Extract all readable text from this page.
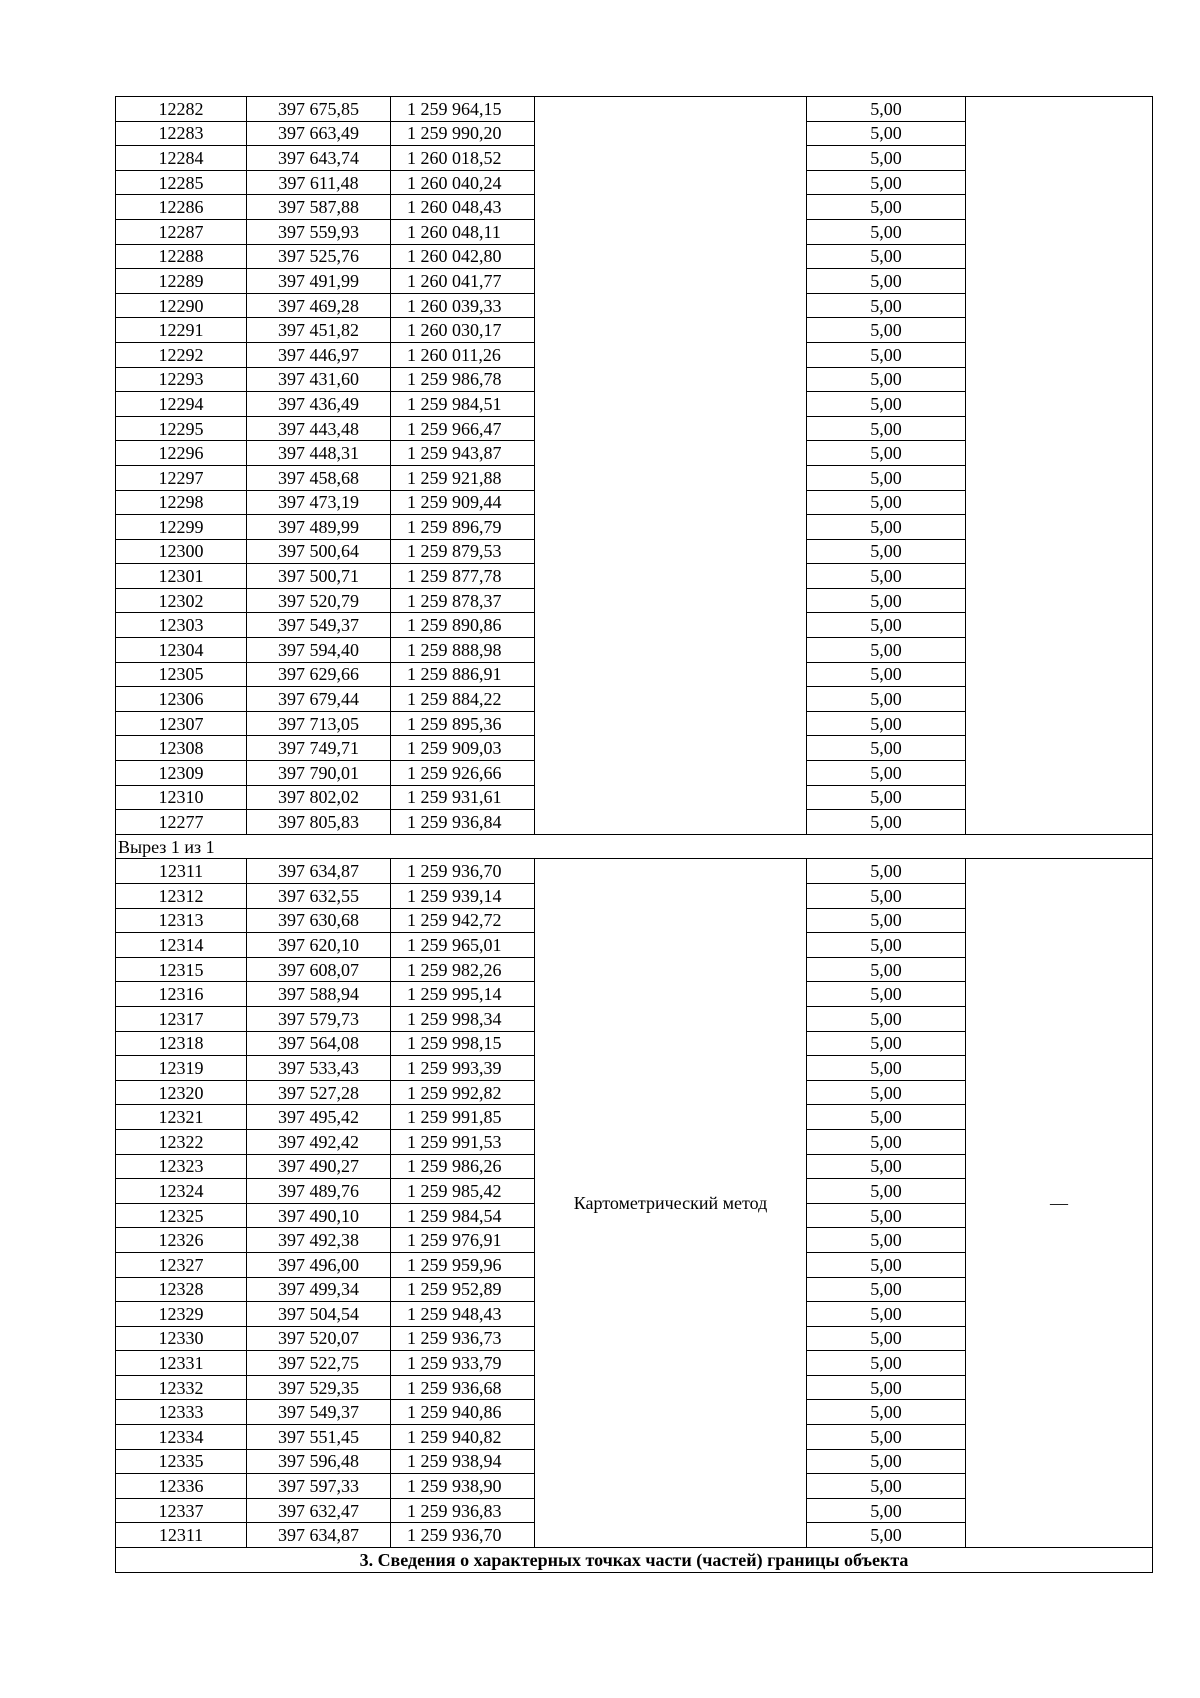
12282	397 675,85	1 259 964,15		5,00	
12283	397 663,49	1 259 990,20		5,00	
12284	397 643,74	1 260 018,52		5,00	
12285	397 611,48	1 260 040,24		5,00	
12286	397 587,88	1 260 048,43		5,00	
12287	397 559,93	1 260 048,11		5,00	
12288	397 525,76	1 260 042,80		5,00	
12289	397 491,99	1 260 041,77		5,00	
12290	397 469,28	1 260 039,33		5,00	
12291	397 451,82	1 260 030,17		5,00	
12292	397 446,97	1 260 011,26		5,00	
12293	397 431,60	1 259 986,78		5,00	
12294	397 436,49	1 259 984,51		5,00	
12295	397 443,48	1 259 966,47		5,00	
12296	397 448,31	1 259 943,87		5,00	
12297	397 458,68	1 259 921,88		5,00	
12298	397 473,19	1 259 909,44		5,00	
12299	397 489,99	1 259 896,79		5,00	
12300	397 500,64	1 259 879,53		5,00	
12301	397 500,71	1 259 877,78		5,00	
12302	397 520,79	1 259 878,37		5,00	
12303	397 549,37	1 259 890,86		5,00	
12304	397 594,40	1 259 888,98		5,00	
12305	397 629,66	1 259 886,91		5,00	
12306	397 679,44	1 259 884,22		5,00	
12307	397 713,05	1 259 895,36		5,00	
12308	397 749,71	1 259 909,03		5,00	
12309	397 790,01	1 259 926,66		5,00	
12310	397 802,02	1 259 931,61		5,00	
12277	397 805,83	1 259 936,84		5,00	
Вырез 1 из 1					
12311	397 634,87	1 259 936,70	Картометрический метод	5,00	—
12312	397 632,55	1 259 939,14		5,00	
12313	397 630,68	1 259 942,72		5,00	
12314	397 620,10	1 259 965,01		5,00	
12315	397 608,07	1 259 982,26		5,00	
12316	397 588,94	1 259 995,14		5,00	
12317	397 579,73	1 259 998,34		5,00	
12318	397 564,08	1 259 998,15		5,00	
12319	397 533,43	1 259 993,39		5,00	
12320	397 527,28	1 259 992,82		5,00	
12321	397 495,42	1 259 991,85		5,00	
12322	397 492,42	1 259 991,53		5,00	
12323	397 490,27	1 259 986,26		5,00	
12324	397 489,76	1 259 985,42		5,00	
12325	397 490,10	1 259 984,54		5,00	
12326	397 492,38	1 259 976,91		5,00	
12327	397 496,00	1 259 959,96		5,00	
12328	397 499,34	1 259 952,89		5,00	
12329	397 504,54	1 259 948,43		5,00	
12330	397 520,07	1 259 936,73		5,00	
12331	397 522,75	1 259 933,79		5,00	
12332	397 529,35	1 259 936,68		5,00	
12333	397 549,37	1 259 940,86		5,00	
12334	397 551,45	1 259 940,82		5,00	
12335	397 596,48	1 259 938,94		5,00	
12336	397 597,33	1 259 938,90		5,00	
12337	397 632,47	1 259 936,83		5,00	
12311	397 634,87	1 259 936,70		5,00	
3. Сведения о характерных точках части (частей) границы объекта					
